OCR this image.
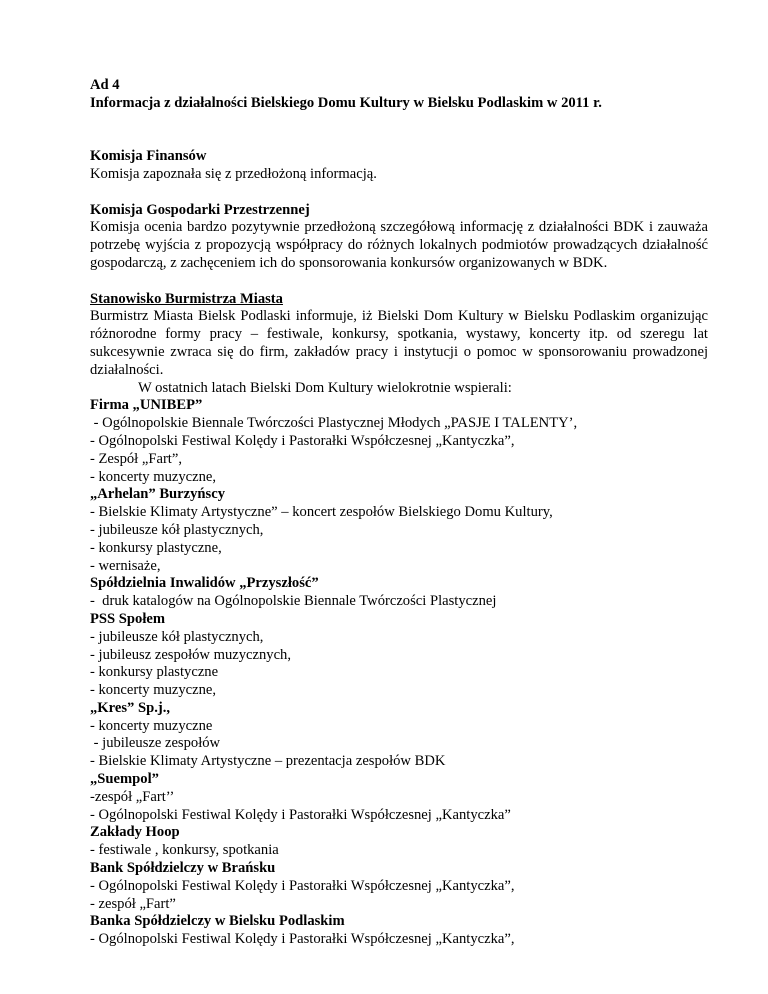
Ad 4

Informacja z działalności Bielskiego Domu Kultury w Bielsku Podlaskim w 2011 r.

Komisja Finansów

Komisja zapoznała się z przedłożoną informacją.

Komisja Gospodarki Przestrzennej

Komisja ocenia bardzo pozytywnie przedłożoną szczegółową informację z działalności BDK i zauważa potrzebę wyjścia z propozycją współpracy do różnych lokalnych podmiotów prowadzących działalność gospodarczą, z zachęceniem ich do sponsorowania konkursów organizowanych w BDK.

Stanowisko Burmistrza Miasta

Burmistrz Miasta Bielsk Podlaski informuje, iż Bielski Dom Kultury w Bielsku Podlaskim organizując różnorodne formy pracy – festiwale, konkursy, spotkania, wystawy, koncerty itp. od szeregu lat sukcesywnie zwraca się do firm, zakładów pracy i instytucji o pomoc w sponsorowaniu prowadzonej działalności.

W ostatnich latach Bielski Dom Kultury wielokrotnie wspierali:

Firma „UNIBEP”

- Ogólnopolskie Biennale Twórczości Plastycznej Młodych „PASJE I TALENTY’,

- Ogólnopolski Festiwal Kolędy i Pastorałki Współczesnej „Kantyczka”,

- Zespół „Fart”,

- koncerty muzyczne,

„Arhelan” Burzyńscy

- Bielskie Klimaty Artystyczne” – koncert zespołów Bielskiego Domu Kultury,

- jubileusze kół plastycznych,

- konkursy plastyczne,

- wernisaże,

Spółdzielnia Inwalidów „Przyszłość”

-  druk katalogów na Ogólnopolskie Biennale Twórczości Plastycznej

PSS Społem

- jubileusze kół plastycznych,

- jubileusz zespołów muzycznych,

- konkursy plastyczne

- koncerty muzyczne,

„Kres” Sp.j.,

- koncerty muzyczne

- jubileusze zespołów

- Bielskie Klimaty Artystyczne – prezentacja zespołów BDK

„Suempol”

-zespół „Fart’’

- Ogólnopolski Festiwal Kolędy i Pastorałki Współczesnej „Kantyczka”

Zakłady Hoop

- festiwale , konkursy, spotkania

Bank Spółdzielczy w Brańsku

- Ogólnopolski Festiwal Kolędy i Pastorałki Współczesnej „Kantyczka”,

- zespół „Fart”

Banka Spółdzielczy w Bielsku Podlaskim

- Ogólnopolski Festiwal Kolędy i Pastorałki Współczesnej „Kantyczka”,
